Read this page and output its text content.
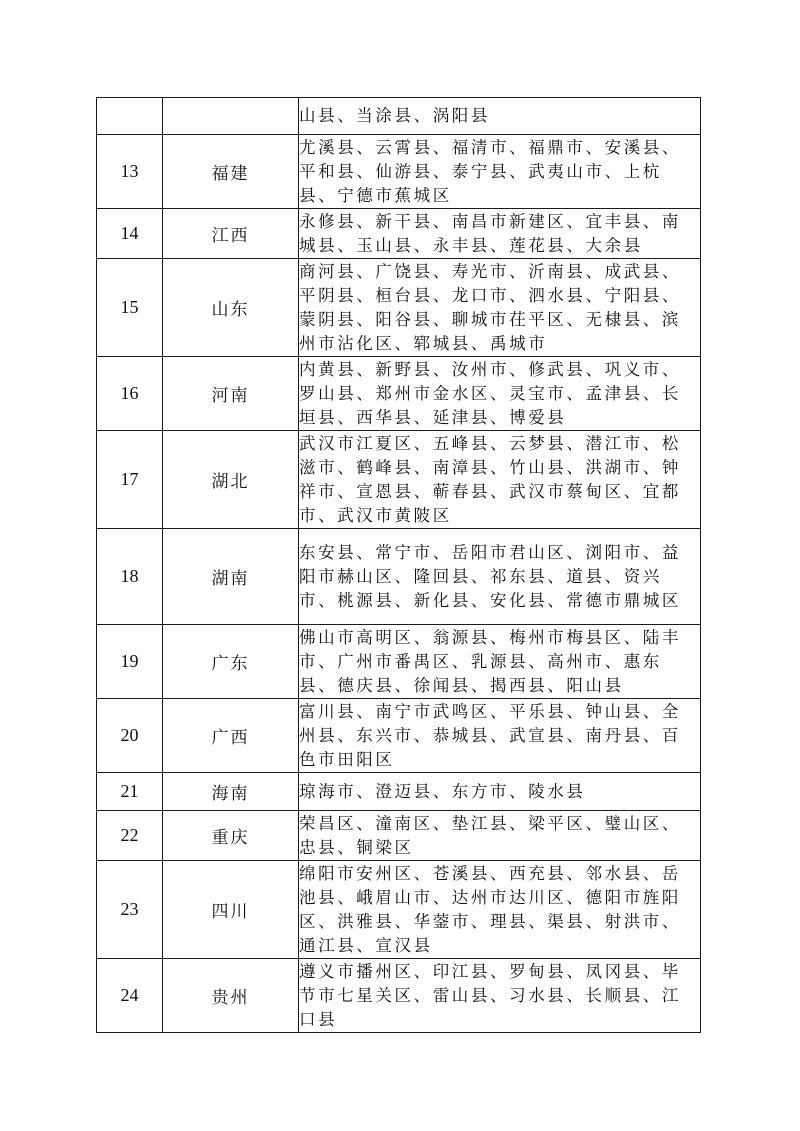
		山县、当涂县、涡阳县
13	福建	尤溪县、云霄县、福清市、福鼎市、安溪县、平和县、仙游县、泰宁县、武夷山市、上杭县、宁德市蕉城区
14	江西	永修县、新干县、南昌市新建区、宜丰县、南城县、玉山县、永丰县、莲花县、大余县
15	山东	商河县、广饶县、寿光市、沂南县、成武县、平阴县、桓台县、龙口市、泗水县、宁阳县、蒙阴县、阳谷县、聊城市茌平区、无棣县、滨州市沾化区、郓城县、禹城市
16	河南	内黄县、新野县、汝州市、修武县、巩义市、罗山县、郑州市金水区、灵宝市、孟津县、长垣县、西华县、延津县、博爱县
17	湖北	武汉市江夏区、五峰县、云梦县、潜江市、松滋市、鹤峰县、南漳县、竹山县、洪湖市、钟祥市、宣恩县、蕲春县、武汉市蔡甸区、宜都市、武汉市黄陂区
18	湖南	东安县、常宁市、岳阳市君山区、浏阳市、益阳市赫山区、隆回县、祁东县、道县、资兴市、桃源县、新化县、安化县、常德市鼎城区
19	广东	佛山市高明区、翁源县、梅州市梅县区、陆丰市、广州市番禺区、乳源县、高州市、惠东县、德庆县、徐闻县、揭西县、阳山县
20	广西	富川县、南宁市武鸣区、平乐县、钟山县、全州县、东兴市、恭城县、武宣县、南丹县、百色市田阳区
21	海南	琼海市、澄迈县、东方市、陵水县
22	重庆	荣昌区、潼南区、垫江县、梁平区、璧山区、忠县、铜梁区
23	四川	绵阳市安州区、苍溪县、西充县、邻水县、岳池县、峨眉山市、达州市达川区、德阳市旌阳区、洪雅县、华蓥市、理县、渠县、射洪市、通江县、宣汉县
24	贵州	遵义市播州区、印江县、罗甸县、凤冈县、毕节市七星关区、雷山县、习水县、长顺县、江口县
